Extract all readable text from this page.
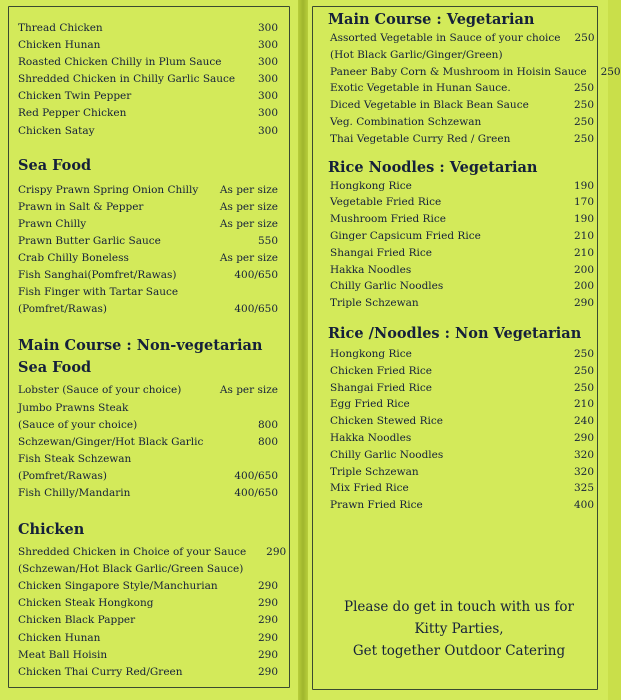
Thread Chicken	300
Chicken Hunan	300
Roasted Chicken Chilly in Plum Sauce	300
Shredded Chicken in Chilly Garlic Sauce	300
Chicken Twin Pepper	300
Red Pepper Chicken	300
Chicken Satay	300
Sea Food
Crispy Prawn Spring Onion Chilly	As per size
Prawn in Salt & Pepper	As per size
Prawn Chilly	As per size
Prawn Butter Garlic Sauce	550
Crab Chilly Boneless	As per size
Fish Sanghai(Pomfret/Rawas)	400/650
Fish Finger with Tartar Sauce
(Pomfret/Rawas)	400/650
Main Course : Non-vegetarian
Sea Food
Lobster (Sauce of your choice)	As per size
Jumbo Prawns Steak
(Sauce of your choice)	800
Schzewan/Ginger/Hot Black Garlic	800
Fish Steak Schzewan
(Pomfret/Rawas)	400/650
Fish Chilly/Mandarin	400/650
Chicken
Shredded Chicken in Choice of your Sauce	290
(Schzewan/Hot Black Garlic/Green Sauce)
Chicken Singapore Style/Manchurian	290
Chicken Steak Hongkong	290
Chicken Black Papper	290
Chicken Hunan	290
Meat Ball Hoisin	290
Chicken Thai Curry Red/Green	290
Main Course : Vegetarian
Assorted Vegetable in Sauce of your choice	250
(Hot Black Garlic/Ginger/Green)
Paneer Baby Corn & Mushroom in Hoisin Sauce	250
Exotic Vegetable in Hunan Sauce.	250
Diced Vegetable in Black Bean Sauce	250
Veg. Combination Schzewan	250
Thai Vegetable Curry Red / Green	250
Rice Noodles : Vegetarian
Hongkong Rice	190
Vegetable Fried Rice	170
Mushroom Fried Rice	190
Ginger Capsicum Fried Rice	210
Shangai Fried Rice	210
Hakka Noodles	200
Chilly Garlic Noodles	200
Triple Schzewan	290
Rice /Noodles : Non Vegetarian
Hongkong Rice	250
Chicken Fried Rice	250
Shangai Fried Rice	250
Egg Fried Rice	210
Chicken Stewed Rice	240
Hakka Noodles	290
Chilly Garlic Noodles	320
Triple Schzewan	320
Mix Fried Rice	325
Prawn Fried Rice	400
Please do get in touch with us for
Kitty Parties,
Get together Outdoor Catering
